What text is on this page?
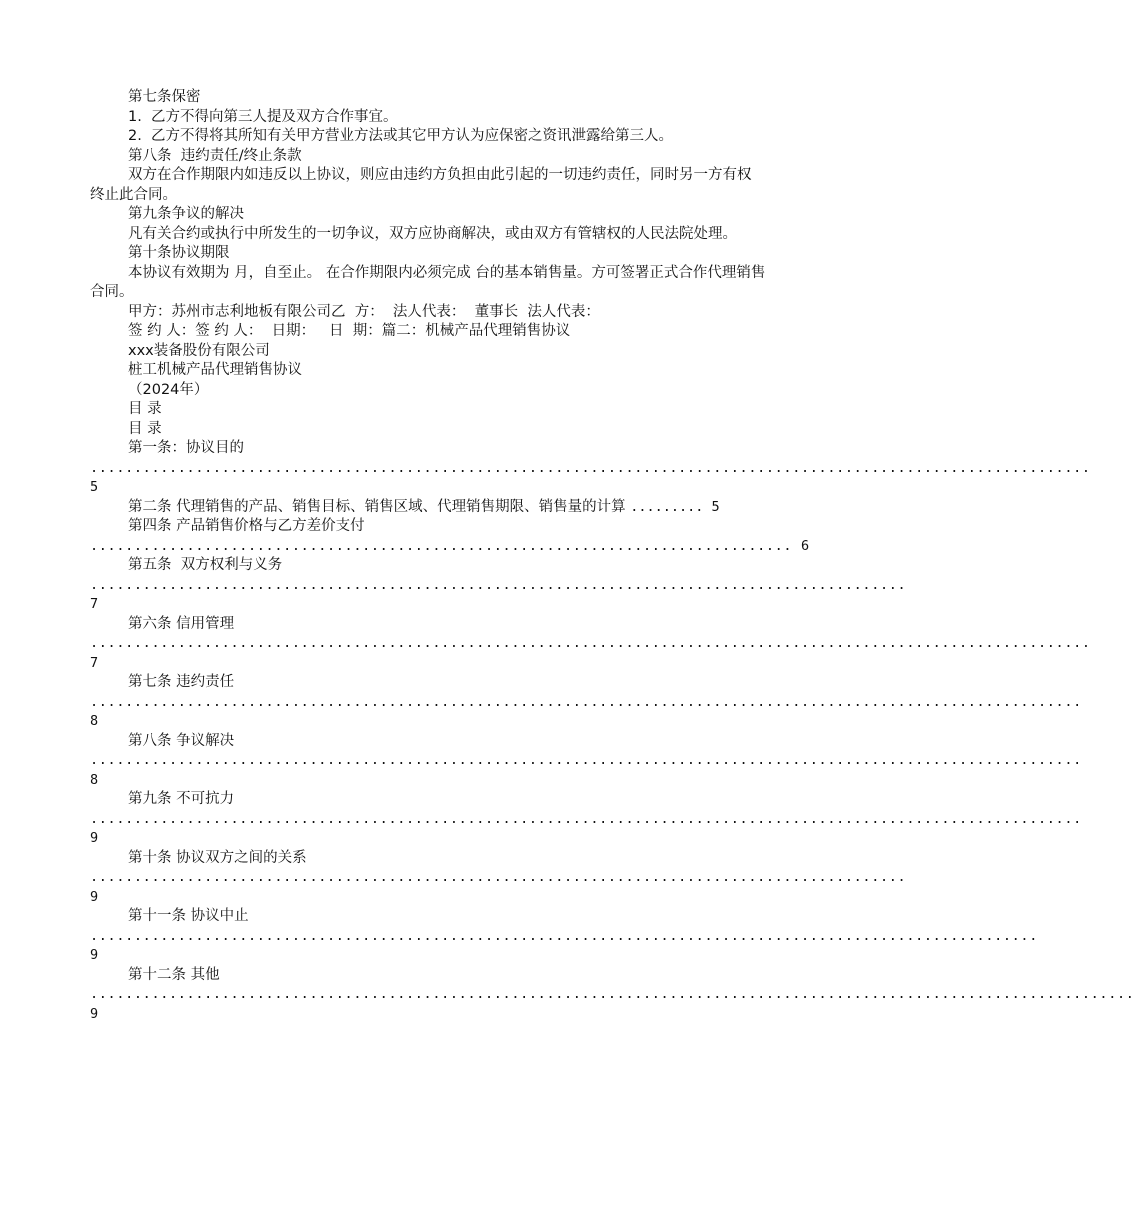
第七条保密

1.  乙方不得向第三人提及双方合作事宜。

2.  乙方不得将其所知有关甲方营业方法或其它甲方认为应保密之资讯泄露给第三人。

第八条  违约责任/终止条款

双方在合作期限内如违反以上协议，则应由违约方负担由此引起的一切违约责任，同时另一方有权

终止此合同。

第九条争议的解决

凡有关合约或执行中所发生的一切争议，双方应协商解决，或由双方有管辖权的人民法院处理。

第十条协议期限

本协议有效期为 月，自至止。 在合作期限内必须完成 台的基本销售量。方可签署正式合作代理销售

合同。

甲方：苏州市志利地板有限公司乙  方：  法人代表：  董事长  法人代表：

签 约 人：签 约 人：  日期：   日  期：篇二：机械产品代理销售协议

xxx装备股份有限公司

桩工机械产品代理销售协议

（2024年）

目 录

目 录

第一条：协议目的
.................................................................................................................. 5
第二条 代理销售的产品、销售目标、销售区域、代理销售期限、销售量的计算 ......... 5
第四条 产品销售价格与乙方差价支付
................................................................................ 6
第五条  双方权利与义务
............................................................................................. 7
第六条 信用管理
.................................................................................................................. 7
第七条 违约责任
................................................................................................................. 8
第八条 争议解决
................................................................................................................. 8
第九条 不可抗力
................................................................................................................. 9
第十条 协议双方之间的关系
............................................................................................. 9
第十一条 协议中止
............................................................................................................ 9
第十二条 其他
....................................................................................................................... 9
